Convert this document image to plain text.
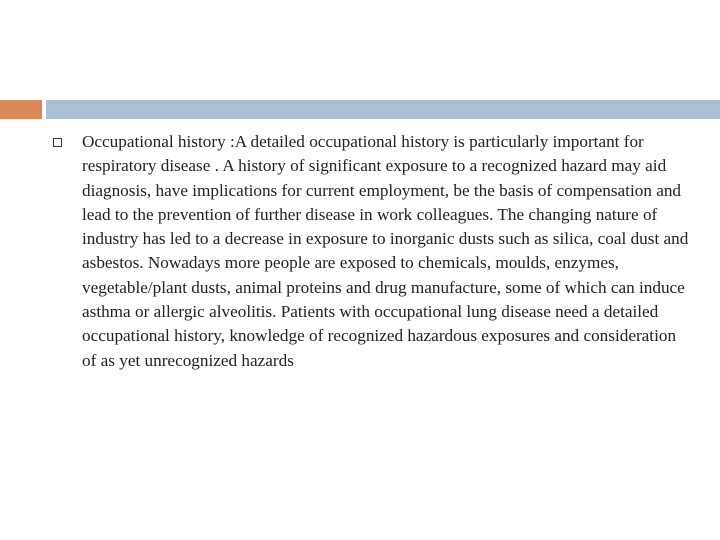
Occupational history :A detailed occupational history is particularly important for respiratory disease . A history of significant exposure to a recognized hazard may aid diagnosis, have implications for current employment, be the basis of compensation and lead to the prevention of further disease in work colleagues. The changing nature of industry has led to a decrease in exposure to inorganic dusts such as silica, coal dust and asbestos. Nowadays more people are exposed to chemicals, moulds, enzymes, vegetable/plant dusts, animal proteins and drug manufacture, some of which can induce asthma or allergic alveolitis. Patients with occupational lung disease need a detailed occupational history, knowledge of recognized hazardous exposures and consideration of as yet unrecognized hazards
